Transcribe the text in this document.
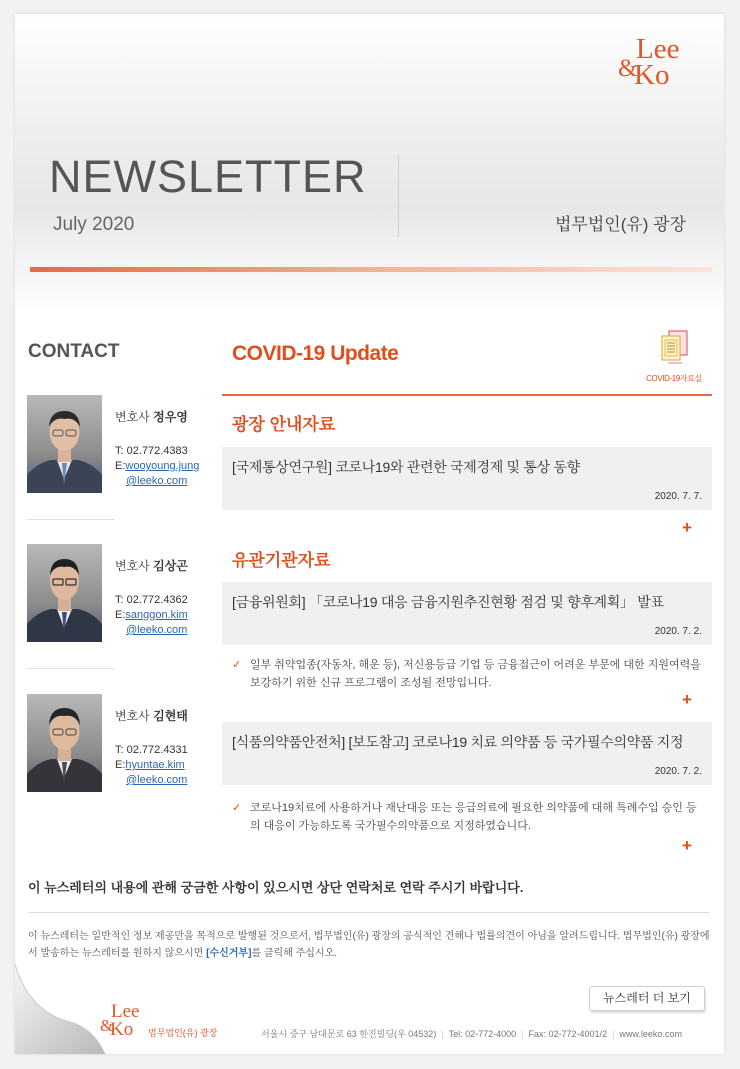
Lee
&
Ko
NEWSLETTER
July 2020	법무법인(유) 광장
CONTACT
변호사 정우영
T: 02.772.4383
E:wooyoung.jung
@leeko.com
변호사 김상곤
T: 02.772.4362
E:sanggon.kim
@leeko.com
변호사 김현태
T: 02.772.4331
E:hyuntae.kim
@leeko.com
COVID-19 Update
COVID-19자료실
광장 안내자료
[국제통상연구원] 코로나19와 관련한 국제경제 및 통상 동향
2020. 7. 7.
+
유관기관자료
[금융위원회] 「코로나19 대응 금융지원추진현황 점검 및 향후계획」 발표
2020. 7. 2.
✓ 일부 취약업종(자동차, 해운 등), 저신용등급 기업 등 금융접근이 어려운 부문에 대한 지원여력을 보강하기 위한 신규 프로그램이 조성될 전망입니다.
+
[식품의약품안전처] [보도참고] 코로나19 치료 의약품 등 국가필수의약품 지정
2020. 7. 2.
✓ 코로나19치료에 사용하거나 재난대응 또는 응급의료에 필요한 의약품에 대해 특례수입 승인 등의 대응이 가능하도록 국가필수의약품으로 지정하였습니다.
+
이 뉴스레터의 내용에 관해 궁금한 사항이 있으시면 상단 연락처로 연락 주시기 바랍니다.
이 뉴스레터는 일반적인 정보 제공만을 목적으로 발행된 것으로서, 법무법인(유) 광장의 공식적인 견해나 법률의견이 아님을 알려드립니다. 법무법인(유) 광장에서 발송하는 뉴스레터를 원하지 않으시면 [수신거부]를 클릭해 주십시오.
뉴스레터 더 보기
Lee
&
Ko 법무법인(유) 광장	서울시 중구 남대문로 63 한진빌딩(우 04532) | Tel: 02-772-4000 | Fax: 02-772-4001/2 | www.leeko.com
